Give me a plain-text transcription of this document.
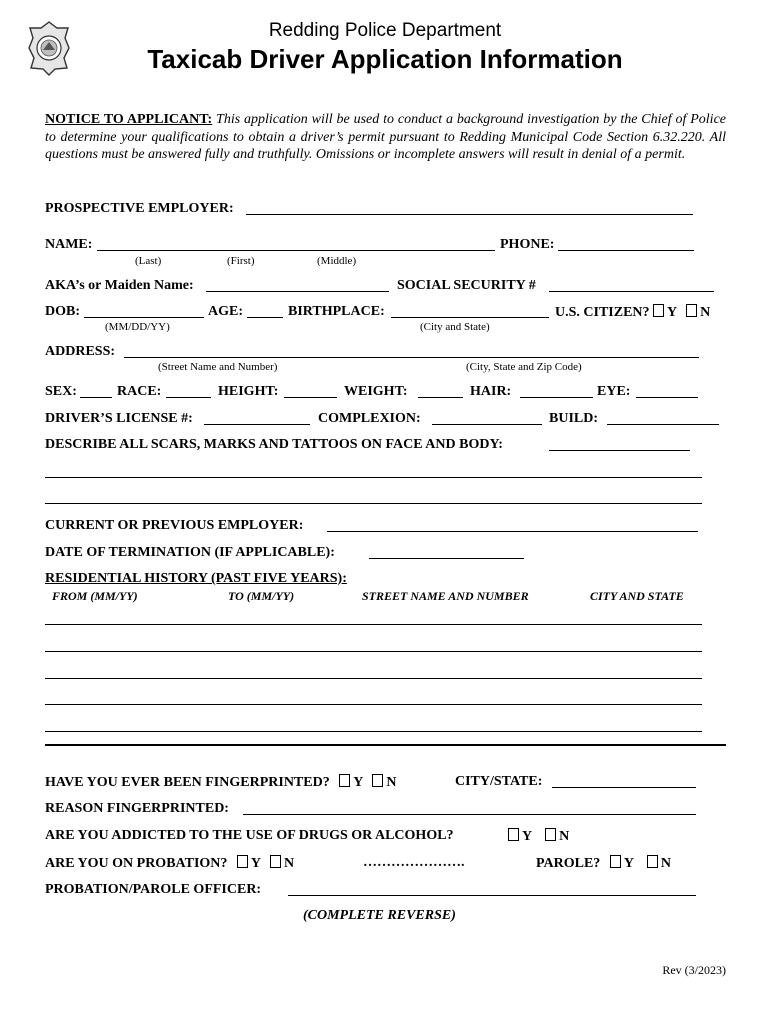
Redding Police Department
Taxicab Driver Application Information
NOTICE TO APPLICANT: This application will be used to conduct a background investigation by the Chief of Police to determine your qualifications to obtain a driver’s permit pursuant to Redding Municipal Code Section 6.32.220. All questions must be answered fully and truthfully. Omissions or incomplete answers will result in denial of a permit.
PROSPECTIVE EMPLOYER:
NAME:	PHONE:
(Last)	(First)	(Middle)
AKA’s or Maiden Name:	SOCIAL SECURITY #
DOB:	AGE:	BIRTHPLACE:	U.S. CITIZEN? Y N
(MM/DD/YY)	(City and State)
ADDRESS:
(Street Name and Number)	(City, State and Zip Code)
SEX:	RACE:	HEIGHT:	WEIGHT:	HAIR:	EYE:
DRIVER’S LICENSE #:	COMPLEXION:	BUILD:
DESCRIBE ALL SCARS, MARKS AND TATTOOS ON FACE AND BODY:
CURRENT OR PREVIOUS EMPLOYER:
DATE OF TERMINATION (IF APPLICABLE):
RESIDENTIAL HISTORY (PAST FIVE YEARS):
FROM (MM/YY)	TO (MM/YY)	STREET NAME AND NUMBER	CITY AND STATE
HAVE YOU EVER BEEN FINGERPRINTED? Y N	CITY/STATE:
REASON FINGERPRINTED:
ARE YOU ADDICTED TO THE USE OF DRUGS OR ALCOHOL?	Y N
ARE YOU ON PROBATION? Y N	………………….	PAROLE? Y N
PROBATION/PAROLE OFFICER:
(COMPLETE REVERSE)
Rev (3/2023)
